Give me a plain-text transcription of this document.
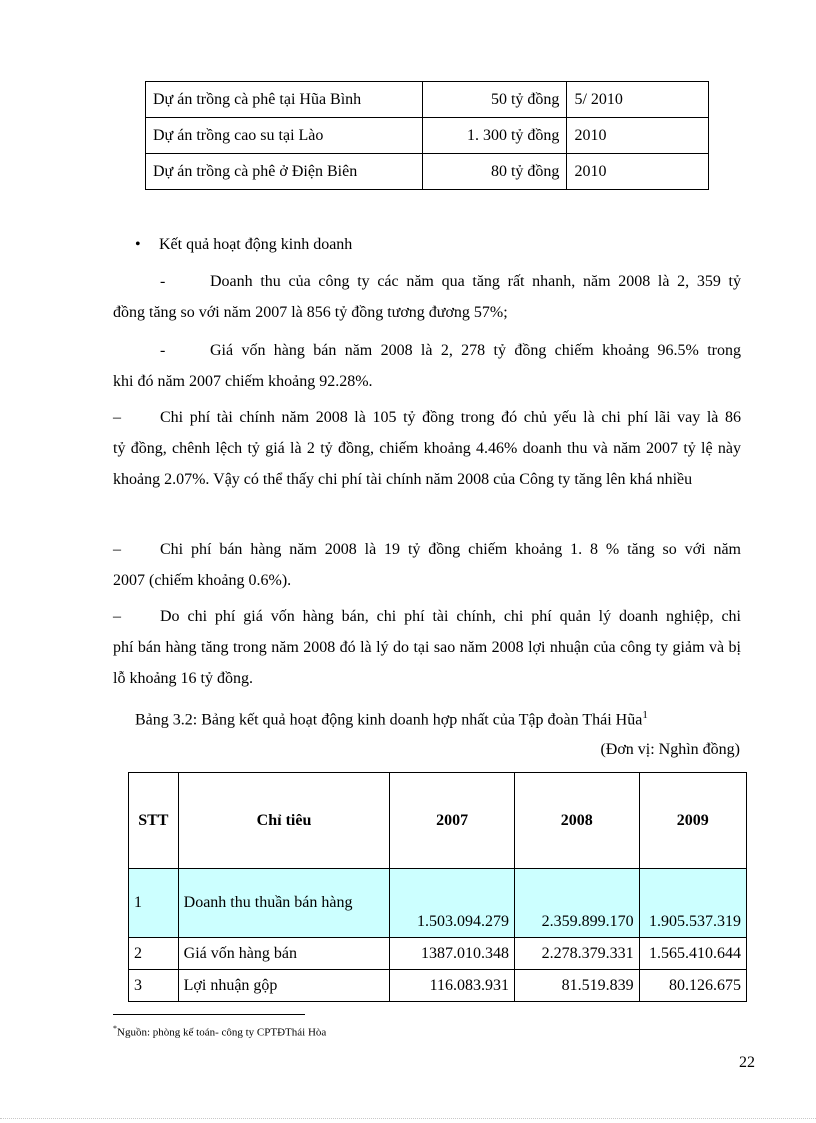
Dự án trồng cà phê tại Hũa Bình	50 tỷ đồng	5/ 2010
Dự án trồng cao su tại Lào	1. 300 tỷ đồng	2010
Dự án trồng cà phê ở Điện Biên	80 tỷ đồng	2010
• Kết quả hoạt động kinh doanh
-	Doanh thu của công ty các năm qua tăng rất nhanh, năm 2008 là 2, 359 tỷ
đồng tăng so với năm 2007 là 856 tỷ đồng tương đương 57%;
-	Giá vốn hàng bán năm 2008 là 2, 278 tỷ đồng chiếm khoảng 96.5% trong
khi đó năm 2007 chiếm khoảng 92.28%.
– Chi phí tài chính năm 2008 là 105 tỷ đồng trong đó chủ yếu là chi phí lãi vay là 86
tỷ đồng, chênh lệch tỷ giá là 2 tỷ đồng, chiếm khoảng 4.46% doanh thu và năm 2007 tỷ lệ này khoảng 2.07%. Vậy có thể thấy chi phí tài chính năm 2008 của Công ty tăng lên khá nhiều
– Chi phí bán hàng năm 2008 là 19 tỷ đồng chiếm khoảng 1. 8 % tăng so với năm
2007 (chiếm khoảng 0.6%).
– Do chi phí giá vốn hàng bán, chi phí tài chính, chi phí quản lý doanh nghiệp, chi
phí bán hàng tăng trong năm 2008 đó là lý do tại sao năm 2008 lợi nhuận của công ty giảm và bị lỗ khoảng 16 tỷ đồng.
Bảng 3.2: Bảng kết quả hoạt động kinh doanh hợp nhất của Tập đoàn Thái Hũa$^1$
(Đơn vị: Nghìn đồng)
STT	Chỉ tiêu	2007	2008	2009
1	Doanh thu thuần bán hàng	1.503.094.279	2.359.899.170	1.905.537.319
2	Giá vốn hàng bán	1387.010.348	2.278.379.331	1.565.410.644
3	Lợi nhuận gộp	116.083.931	81.519.839	80.126.675
*Nguồn: phòng kế toán- công ty CPTĐThái Hòa
22
